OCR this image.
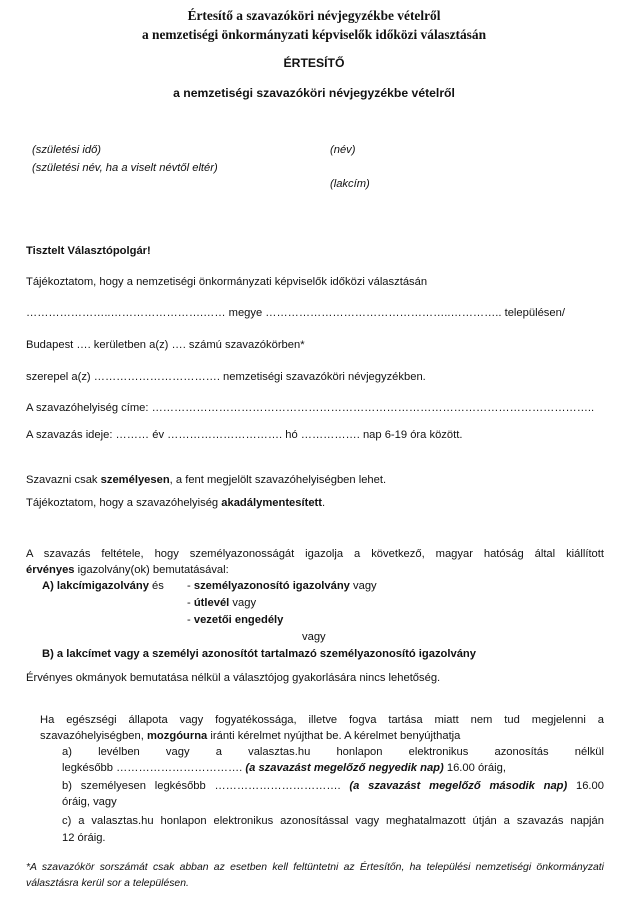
Értesítő a szavazóköri névjegyzékbe vételről
a nemzetiségi önkormányzati képviselők időközi választásán
ÉRTESÍTŐ
a nemzetiségi szavazóköri névjegyzékbe vételről
(születési idő)
(születési név, ha a viselt névtől eltér)
(név)
(lakcím)
Tisztelt Választópolgár!
Tájékoztatom, hogy a nemzetiségi önkormányzati képviselők időközi választásán
…………………..…………………….…… megye …………………………………………..………….. településen/
Budapest …. kerületben a(z) …. számú szavazókörben*
szerepel a(z) ……………………………. nemzetiségi szavazóköri névjegyzékben.
A szavazóhelyiség címe: ………………………………………………………………………………………………………..
A szavazás ideje: ……… év …………………………. hó ……………. nap 6-19 óra között.
Szavazni csak személyesen, a fent megjelölt szavazóhelyiségben lehet.
Tájékoztatom, hogy a szavazóhelyiség akadálymentesített.
A szavazás feltétele, hogy személyazonosságát igazolja a következő, magyar hatóság által kiállított
érvényes igazolvány(ok) bemutatásával:
A) lakcímigazolvány és - személyazonosító igazolvány vagy
- útlevél vagy
- vezetői engedély
vagy
B) a lakcímet vagy a személyi azonosítót tartalmazó személyazonosító igazolvány
Érvényes okmányok bemutatása nélkül a választójog gyakorlására nincs lehetőség.
Ha egészségi állapota vagy fogyatékossága, illetve fogva tartása miatt nem tud megjelenni a
szavazóhelyiségben, mozgóurna iránti kérelmet nyújthat be. A kérelmet benyújthatja
a) levélben vagy a valasztas.hu honlapon elektronikus azonosítás nélkül
legkésőbb ……………………………. (a szavazást megelőző negyedik nap) 16.00 óráig,
b) személyesen legkésőbb ……………………………. (a szavazást megelőző második nap) 16.00
óráig, vagy
c) a valasztas.hu honlapon elektronikus azonosítással vagy meghatalmazott útján a szavazás napján
12 óráig.
*A szavazókör sorszámát csak abban az esetben kell feltüntetni az Értesítőn, ha települési nemzetiségi önkormányzati
választásra kerül sor a településen.
